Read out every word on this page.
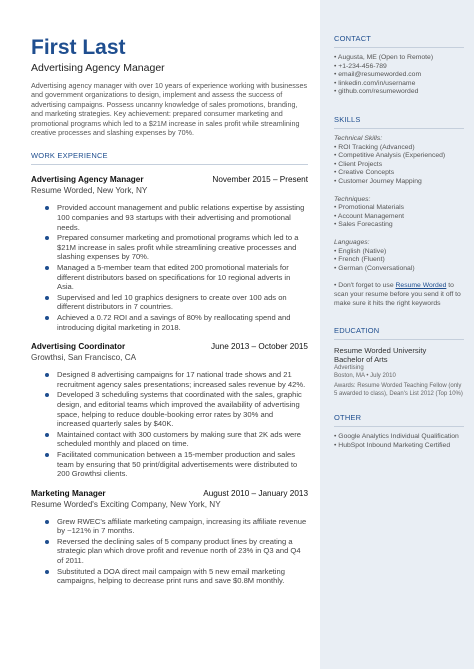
First Last
Advertising Agency Manager
Advertising agency manager with over 10 years of experience working with businesses and government organizations to design, implement and assess the success of advertising campaigns. Possess uncanny knowledge of sales promotions, branding, and marketing strategies. Key achievement: prepared consumer marketing and promotional programs which led to a $21M increase in sales profit while streamlining creative processes and slashing expenses by 70%.
WORK EXPERIENCE
Advertising Agency Manager	November 2015 – Present
Resume Worded, New York, NY
Provided account management and public relations expertise by assisting 100 companies and 93 startups with their advertising and promotional needs.
Prepared consumer marketing and promotional programs which led to a $21M increase in sales profit while streamlining creative processes and slashing expenses by 70%.
Managed a 5-member team that edited 200 promotional materials for different distributors based on specifications for 10 regional adverts in Asia.
Supervised and led 10 graphics designers to create over 100 ads on different distributors in 7 countries.
Achieved a 0.72 ROI and a savings of 80% by reallocating spend and introducing digital marketing in 2018.
Advertising Coordinator	June 2013 – October 2015
Growthsi, San Francisco, CA
Designed 8 advertising campaigns for 17 national trade shows and 21 recruitment agency sales presentations; increased sales revenue by 42%.
Developed 3 scheduling systems that coordinated with the sales, graphic design, and editorial teams which improved the availability of advertising space, helping to reduce double-booking error rates by 30% and increased quarterly sales by $40K.
Maintained contact with 300 customers by making sure that 2K ads were scheduled monthly and placed on time.
Facilitated communication between a 15-member production and sales team by ensuring that 50 print/digital advertisements were distributed to 200 Growthsi clients.
Marketing Manager	August 2010 – January 2013
Resume Worded's Exciting Company, New York, NY
Grew RWEC's affiliate marketing campaign, increasing its affiliate revenue by ~121% in 7 months.
Reversed the declining sales of 5 company product lines by creating a strategic plan which drove profit and revenue north of 23% in Q3 and Q4 of 2011.
Substituted a DOA direct mail campaign with 5 new email marketing campaigns, helping to decrease print runs and save $0.8M monthly.
CONTACT
• Augusta, ME (Open to Remote)
• +1-234-456-789
• email@resumeworded.com
• linkedin.com/in/username
• github.com/resumeworded
SKILLS
Technical Skills:
• ROI Tracking (Advanced)
• Competitive Analysis (Experienced)
• Client Projects
• Creative Concepts
• Customer Journey Mapping
Techniques:
• Promotional Materials
• Account Management
• Sales Forecasting
Languages:
• English (Native)
• French (Fluent)
• German (Conversational)
• Don't forget to use Resume Worded to scan your resume before you send it off to make sure it hits the right keywords
EDUCATION
Resume Worded University
Bachelor of Arts
Advertising
Boston, MA • July 2010
Awards: Resume Worded Teaching Fellow (only 5 awarded to class), Dean's List 2012 (Top 10%)
OTHER
• Google Analytics Individual Qualification
• HubSpot Inbound Marketing Certified
